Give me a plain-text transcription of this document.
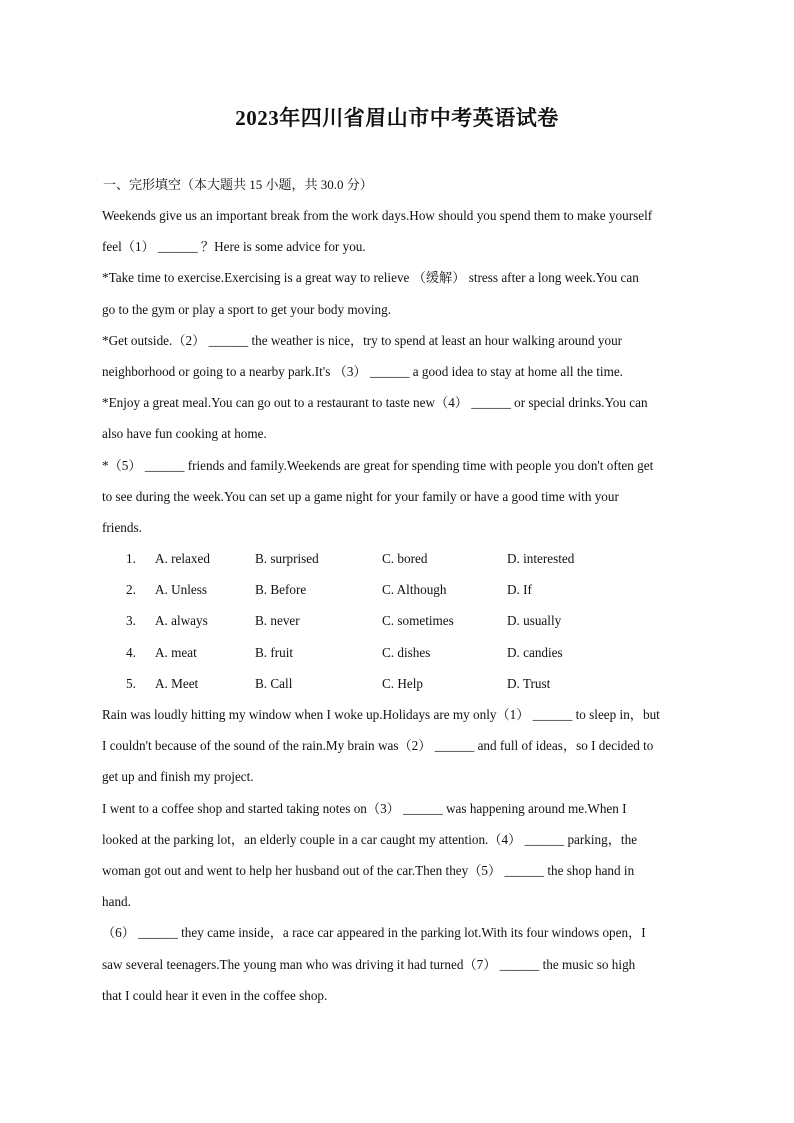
2023年四川省眉山市中考英语试卷
一、完形填空（本大题共 15 小题，共 30.0 分）
Weekends give us an important break from the work days.How should you spend them to make yourself
feel（1） ______ ？Here is some advice for you.
*Take time to exercise.Exercising is a great way to relieve （缓解） stress after a long week.You can
go to the gym or play a sport to get your body moving.
*Get outside.（2） ______ the weather is nice，try to spend at least an hour walking around your
neighborhood or going to a nearby park.It's （3） ______ a good idea to stay at home all the time.
*Enjoy a great meal.You can go out to a restaurant to taste new（4） ______ or special drinks.You can
also have fun cooking at home.
*（5） ______ friends and family.Weekends are great for spending time with people you don't often get
to see during the week.You can set up a game night for your family or have a good time with your
friends.
1. A. relaxed	B. surprised	C. bored	D. interested
2. A. Unless	B. Before	C. Although	D. If
3. A. always	B. never	C. sometimes	D. usually
4. A. meat	B. fruit	C. dishes	D. candies
5. A. Meet	B. Call	C. Help	D. Trust
Rain was loudly hitting my window when I woke up.Holidays are my only（1） ______ to sleep in，but
I couldn't because of the sound of the rain.My brain was（2） ______ and full of ideas，so I decided to
get up and finish my project.
I went to a coffee shop and started taking notes on（3） ______ was happening around me.When I
looked at the parking lot，an elderly couple in a car caught my attention.（4） ______ parking，the
woman got out and went to help her husband out of the car.Then they（5） ______ the shop hand in
hand.
（6） ______ they came inside，a race car appeared in the parking lot.With its four windows open，I
saw several teenagers.The young man who was driving it had turned（7） ______ the music so high
that I could hear it even in the coffee shop.
